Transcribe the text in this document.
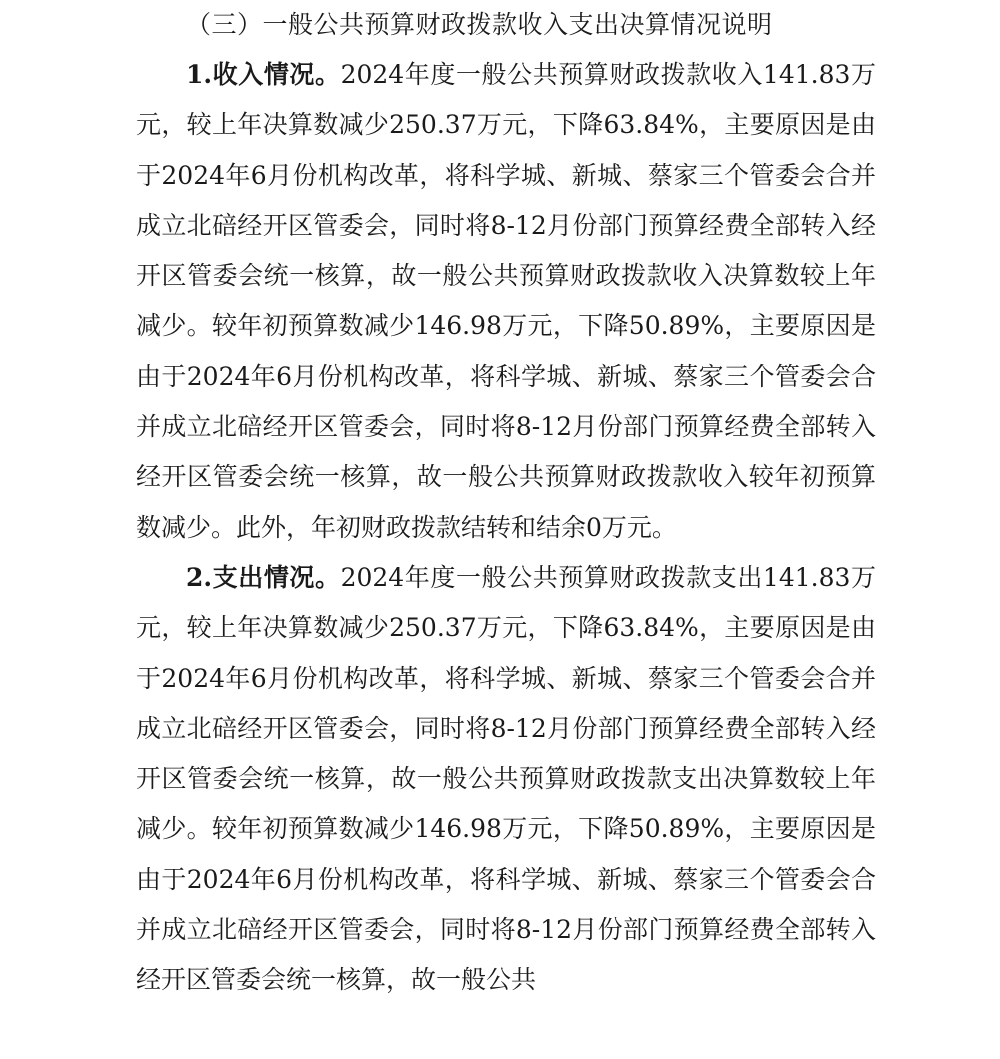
（三）一般公共预算财政拨款收入支出决算情况说明

1.收入情况。2024年度一般公共预算财政拨款收入141.83万元，较上年决算数减少250.37万元，下降63.84%，主要原因是由于2024年6月份机构改革，将科学城、新城、蔡家三个管委会合并成立北碚经开区管委会，同时将8-12月份部门预算经费全部转入经开区管委会统一核算，故一般公共预算财政拨款收入决算数较上年减少。较年初预算数减少146.98万元，下降50.89%，主要原因是由于2024年6月份机构改革，将科学城、新城、蔡家三个管委会合并成立北碚经开区管委会，同时将8-12月份部门预算经费全部转入经开区管委会统一核算，故一般公共预算财政拨款收入较年初预算数减少。此外，年初财政拨款结转和结余0万元。

2.支出情况。2024年度一般公共预算财政拨款支出141.83万元，较上年决算数减少250.37万元，下降63.84%，主要原因是由于2024年6月份机构改革，将科学城、新城、蔡家三个管委会合并成立北碚经开区管委会，同时将8-12月份部门预算经费全部转入经开区管委会统一核算，故一般公共预算财政拨款支出决算数较上年减少。较年初预算数减少146.98万元，下降50.89%，主要原因是由于2024年6月份机构改革，将科学城、新城、蔡家三个管委会合并成立北碚经开区管委会，同时将8-12月份部门预算经费全部转入经开区管委会统一核算，故一般公共
